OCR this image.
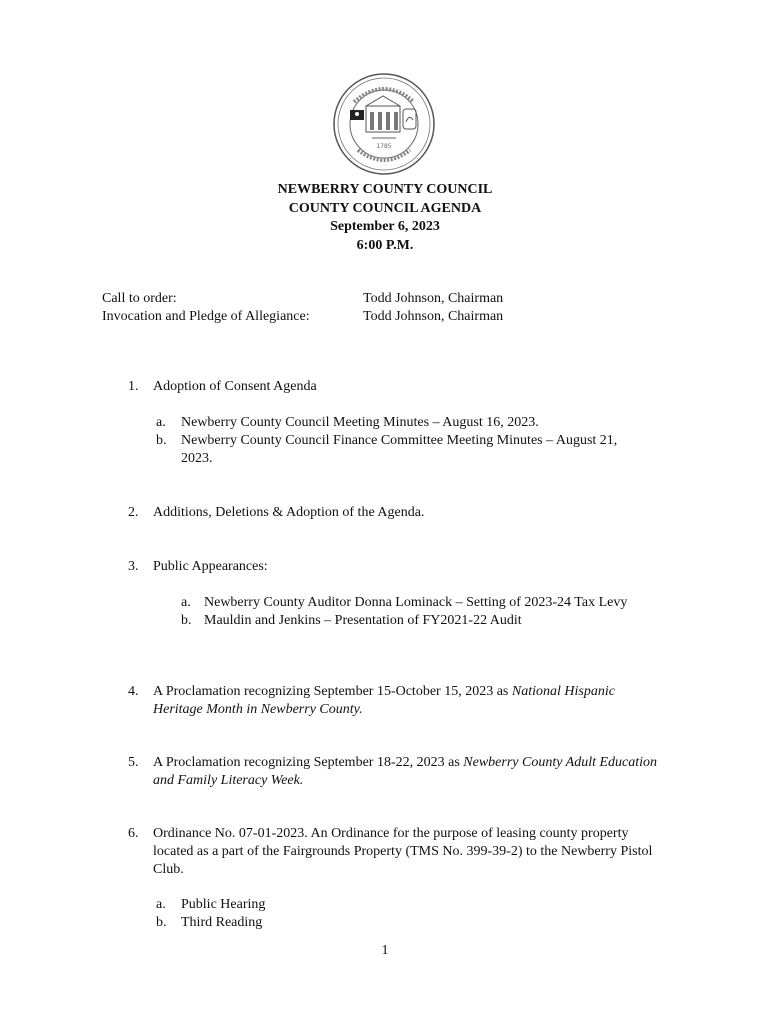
1785
NEWBERRY COUNTY COUNCIL
COUNTY COUNCIL AGENDA
September 6, 2023
6:00 P.M.
Call to order:	Todd Johnson, Chairman
Invocation and Pledge of Allegiance:	Todd Johnson, Chairman
1. Adoption of Consent Agenda
a. Newberry County Council Meeting Minutes – August 16, 2023.
b. Newberry County Council Finance Committee Meeting Minutes – August 21, 2023.
2. Additions, Deletions & Adoption of the Agenda.
3. Public Appearances:
a. Newberry County Auditor Donna Lominack – Setting of 2023-24 Tax Levy
b. Mauldin and Jenkins – Presentation of FY2021-22 Audit
4. A Proclamation recognizing September 15-October 15, 2023 as National Hispanic Heritage Month in Newberry County.
5. A Proclamation recognizing September 18-22, 2023 as Newberry County Adult Education and Family Literacy Week.
6. Ordinance No. 07-01-2023. An Ordinance for the purpose of leasing county property located as a part of the Fairgrounds Property (TMS No. 399-39-2) to the Newberry Pistol Club.
a. Public Hearing
b. Third Reading
1
